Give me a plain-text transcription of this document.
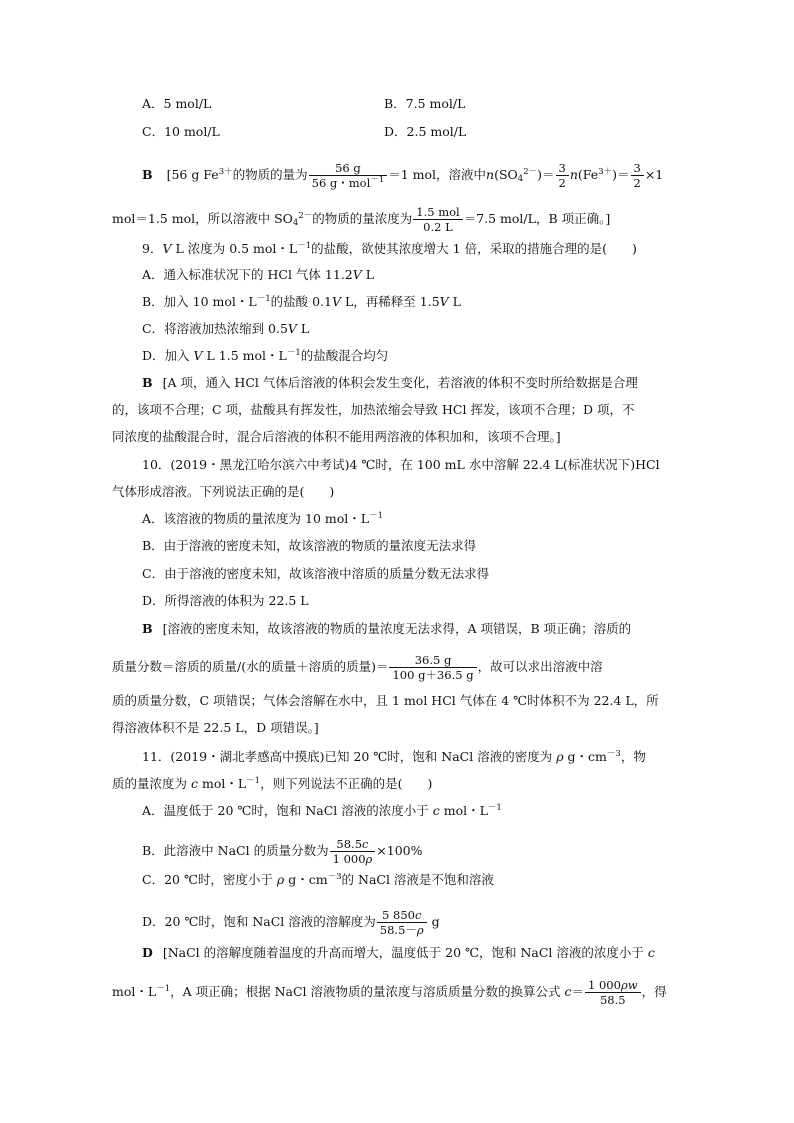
A．5 mol/L	B．7.5 mol/L
C．10 mol/L	D．2.5 mol/L
B [56 g $Fe^{3+}$的物质的量为 $\frac{56 g}{56 g・mol^{-1}} =1$ mol，溶液中$n(SO_4^{2-})= \frac{3}{2} n(Fe^{3+})= \frac{3}{2} \times 1$
mol＝1.5 mol，所以溶液中 $SO_4^{2-}$的物质的量浓度为 $\frac{\text{1.5 mol}}{0.2 L} =7.5$ mol/L，B 项正确。]
9．V L 浓度为 0.5 mol・$L^{-1}$的盐酸，欲使其浓度增大 1 倍，采取的措施合理的是(　　)
A．通入标准状况下的 HCl 气体 11.2V L
B．加入 10 mol・$L^{-1}$的盐酸 0.1V L，再稀释至 1.5V L
C．将溶液加热浓缩到 0.5V L
D．加入 V L 1.5 mol・$L^{-1}$的盐酸混合均匀
B [A 项，通入 HCl 气体后溶液的体积会发生变化，若溶液的体积不变时所给数据是合理
的，该项不合理；C 项，盐酸具有挥发性，加热浓缩会导致 HCl 挥发，该项不合理；D 项，不
同浓度的盐酸混合时，混合后溶液的体积不能用两溶液的体积加和，该项不合理。]
10．(2019・黑龙江哈尔滨六中考试)4 ℃时，在 100 mL 水中溶解 22.4 L(标准状况下)HCl
气体形成溶液。下列说法正确的是(　　)
A．该溶液的物质的量浓度为 10 mol・$L^{-1}$
B．由于溶液的密度未知，故该溶液的物质的量浓度无法求得
C．由于溶液的密度未知，故该溶液中溶质的质量分数无法求得
D．所得溶液的体积为 22.5 L
B [溶液的密度未知，故该溶液的物质的量浓度无法求得，A 项错误，B 项正确；溶质的
质量分数＝溶质的质量/(水的质量＋溶质的质量)＝ $\frac{36.5 g}{100 g+36.5 g}$ ，故可以求出溶液中溶
质的质量分数，C 项错误；气体会溶解在水中，且 1 mol HCl 气体在 4 ℃时体积不为 22.4 L，所
得溶液体积不是 22.5 L，D 项错误。]
11．(2019・湖北孝感高中摸底)已知 20 ℃时，饱和 NaCl 溶液的密度为 ρ g・$cm^{-3}$，物
质的量浓度为 c mol・$L^{-1}$，则下列说法不正确的是(　　)
A．温度低于 20 ℃时，饱和 NaCl 溶液的浓度小于 c mol・$L^{-1}$
B．此溶液中 NaCl 的质量分数为 $\frac{58.5c}{1 000\rho} \times 100\%$
C．20 ℃时，密度小于 ρ g・$cm^{-3}$的 NaCl 溶液是不饱和溶液
D．20 ℃时，饱和 NaCl 溶液的溶解度为 $\frac{5 850c}{58.5-\rho}$ g
D [NaCl 的溶解度随着温度的升高而增大，温度低于 20 ℃，饱和 NaCl 溶液的浓度小于 c
mol・$L^{-1}$，A 项正确；根据 NaCl 溶液物质的量浓度与溶质质量分数的换算公式 $c= \frac{1 000\rho w}{58.5}$ ，得
